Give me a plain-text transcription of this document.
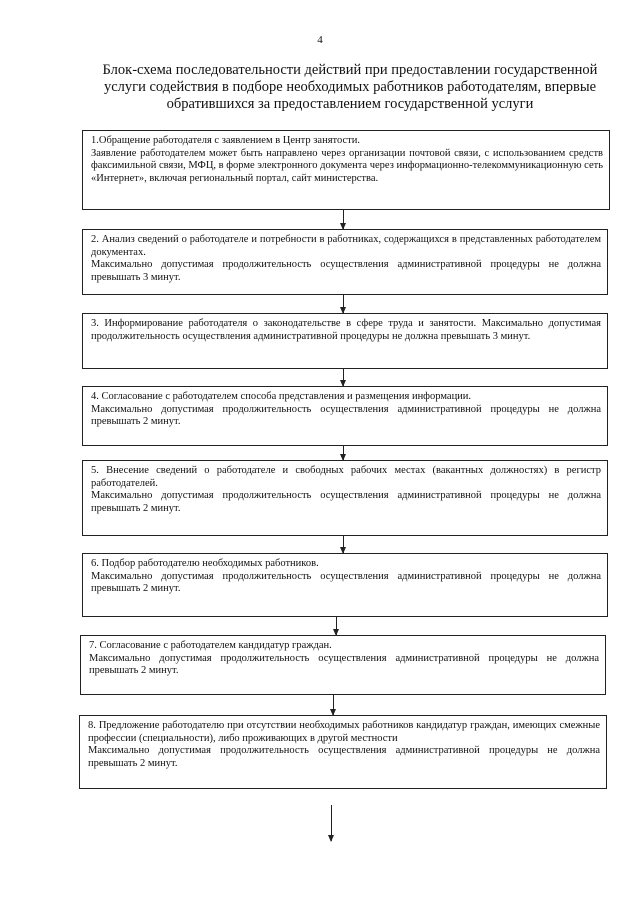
4
Блок-схема последовательности действий при предоставлении государственной услуги содействия в подборе необходимых работников работодателям, впервые обратившихся за предоставлением государственной услуги
1.Обращение работодателя с заявлением в Центр занятости.
Заявление работодателем может быть направлено через организации почтовой связи, с использованием средств факсимильной связи, МФЦ, в форме электронного документа через информационно-телекоммуникационную сеть «Интернет», включая региональный портал, сайт министерства.
2. Анализ сведений о работодателе и потребности в работниках, содержащихся в представленных работодателем документах.
Максимально допустимая продолжительность осуществления административной процедуры не должна превышать 3 минут.
3. Информирование работодателя о законодательстве в сфере труда и занятости. Максимально допустимая продолжительность осуществления административной процедуры не должна превышать 3 минут.
4. Согласование с работодателем способа представления и размещения информации.
Максимально допустимая продолжительность осуществления административной процедуры не должна превышать 2 минут.
5. Внесение сведений о работодателе и свободных рабочих местах (вакантных должностях) в регистр работодателей.
Максимально допустимая продолжительность осуществления административной процедуры не должна превышать 2 минут.
6. Подбор работодателю необходимых работников.
Максимально допустимая продолжительность осуществления административной процедуры не должна превышать 2 минут.
7. Согласование с работодателем кандидатур граждан.
Максимально допустимая продолжительность осуществления административной процедуры не должна превышать 2 минут.
8. Предложение работодателю при отсутствии необходимых работников кандидатур граждан, имеющих смежные профессии (специальности), либо проживающих в другой местности
Максимально допустимая продолжительность осуществления административной процедуры не должна превышать 2 минут.
